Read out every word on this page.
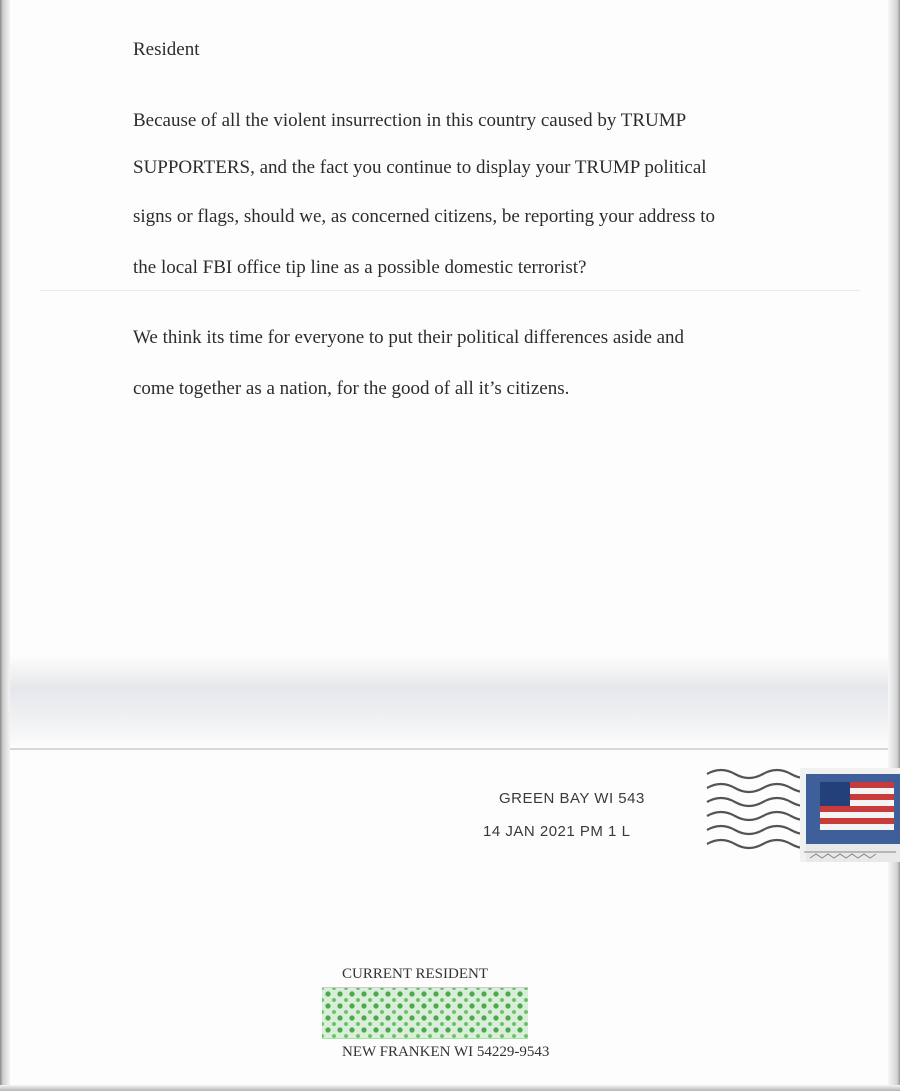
Resident
Because of all the violent insurrection in this country caused by TRUMP
SUPPORTERS, and the fact you continue to display your TRUMP political
signs or flags, should we, as concerned citizens, be reporting your address to
the local FBI office tip line as a possible domestic terrorist?
We think its time for everyone to put their political differences aside and
come together as a nation, for the good of all it’s citizens.
GREEN BAY WI 543
14 JAN 2021 PM 1 L
CURRENT RESIDENT
NEW FRANKEN WI 54229-9543
